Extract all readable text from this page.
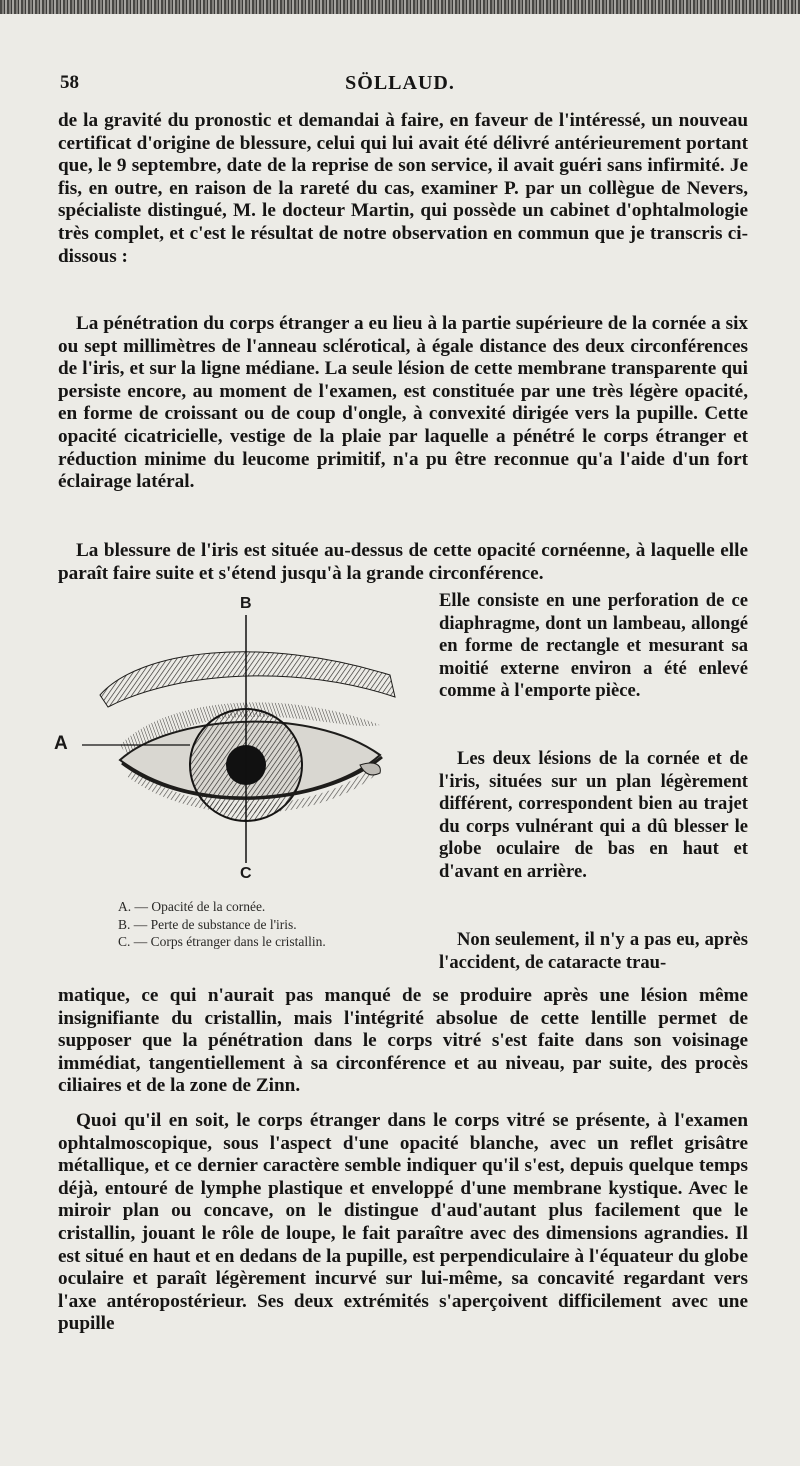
58	SÖLLAUD.

de la gravité du pronostic et demandai à faire, en faveur de l'intéressé, un nouveau certificat d'origine de blessure, celui qui lui avait été délivré antérieurement portant que, le 9 septembre, date de la reprise de son service, il avait guéri sans infirmité. Je fis, en outre, en raison de la rareté du cas, examiner P. par un collègue de Nevers, spécialiste distingué, M. le docteur Martin, qui possède un cabinet d'ophtalmologie très complet, et c'est le résultat de notre observation en commun que je transcris ci-dissous :

La pénétration du corps étranger a eu lieu à la partie supérieure de la cornée a six ou sept millimètres de l'anneau sclérotical, à égale distance des deux circonférences de l'iris, et sur la ligne médiane. La seule lésion de cette membrane transparente qui persiste encore, au moment de l'examen, est constituée par une très légère opacité, en forme de croissant ou de coup d'ongle, à convexité dirigée vers la pupille. Cette opacité cicatricielle, vestige de la plaie par laquelle a pénétré le corps étranger et réduction minime du leucome primitif, n'a pu être reconnue qu'a l'aide d'un fort éclairage latéral.

La blessure de l'iris est située au-dessus de cette opacité cornéenne, à laquelle elle paraît faire suite et s'étend jusqu'à la grande circonférence.

Elle consiste en une perforation de ce diaphragme, dont un lambeau, allongé en forme de rectangle et mesurant sa moitié externe environ a été enlevé comme à l'emporte pièce.

Les deux lésions de la cornée et de l'iris, situées sur un plan légèrement différent, correspondent bien au trajet du corps vulnérant qui a dû blesser le globe oculaire de bas en haut et d'avant en arrière.

Non seulement, il n'y a pas eu, après l'accident, de cataracte trau-

matique, ce qui n'aurait pas manqué de se produire après une lésion même insignifiante du cristallin, mais l'intégrité absolue de cette lentille permet de supposer que la pénétration dans le corps vitré s'est faite dans son voisinage immédiat, tangentiellement à sa circonférence et au niveau, par suite, des procès ciliaires et de la zone de Zinn.

Quoi qu'il en soit, le corps étranger dans le corps vitré se présente, à l'examen ophtalmoscopique, sous l'aspect d'une opacité blanche, avec un reflet grisâtre métallique, et ce dernier caractère semble indiquer qu'il s'est, depuis quelque temps déjà, entouré de lymphe plastique et enveloppé d'une membrane kystique. Avec le miroir plan ou concave, on le distingue d'aud'autant plus facilement que le cristallin, jouant le rôle de loupe, le fait paraître avec des dimensions agrandies. Il est situé en haut et en dedans de la pupille, est perpendiculaire à l'équateur du globe oculaire et paraît légèrement incurvé sur lui-même, sa concavité regardant vers l'axe antéropostérieur. Ses deux extrémités s'aperçoivent difficilement avec une pupille

B
A
C
A. — Opacité de la cornée.
B. — Perte de substance de l'iris.
C. — Corps étranger dans le cristallin.
